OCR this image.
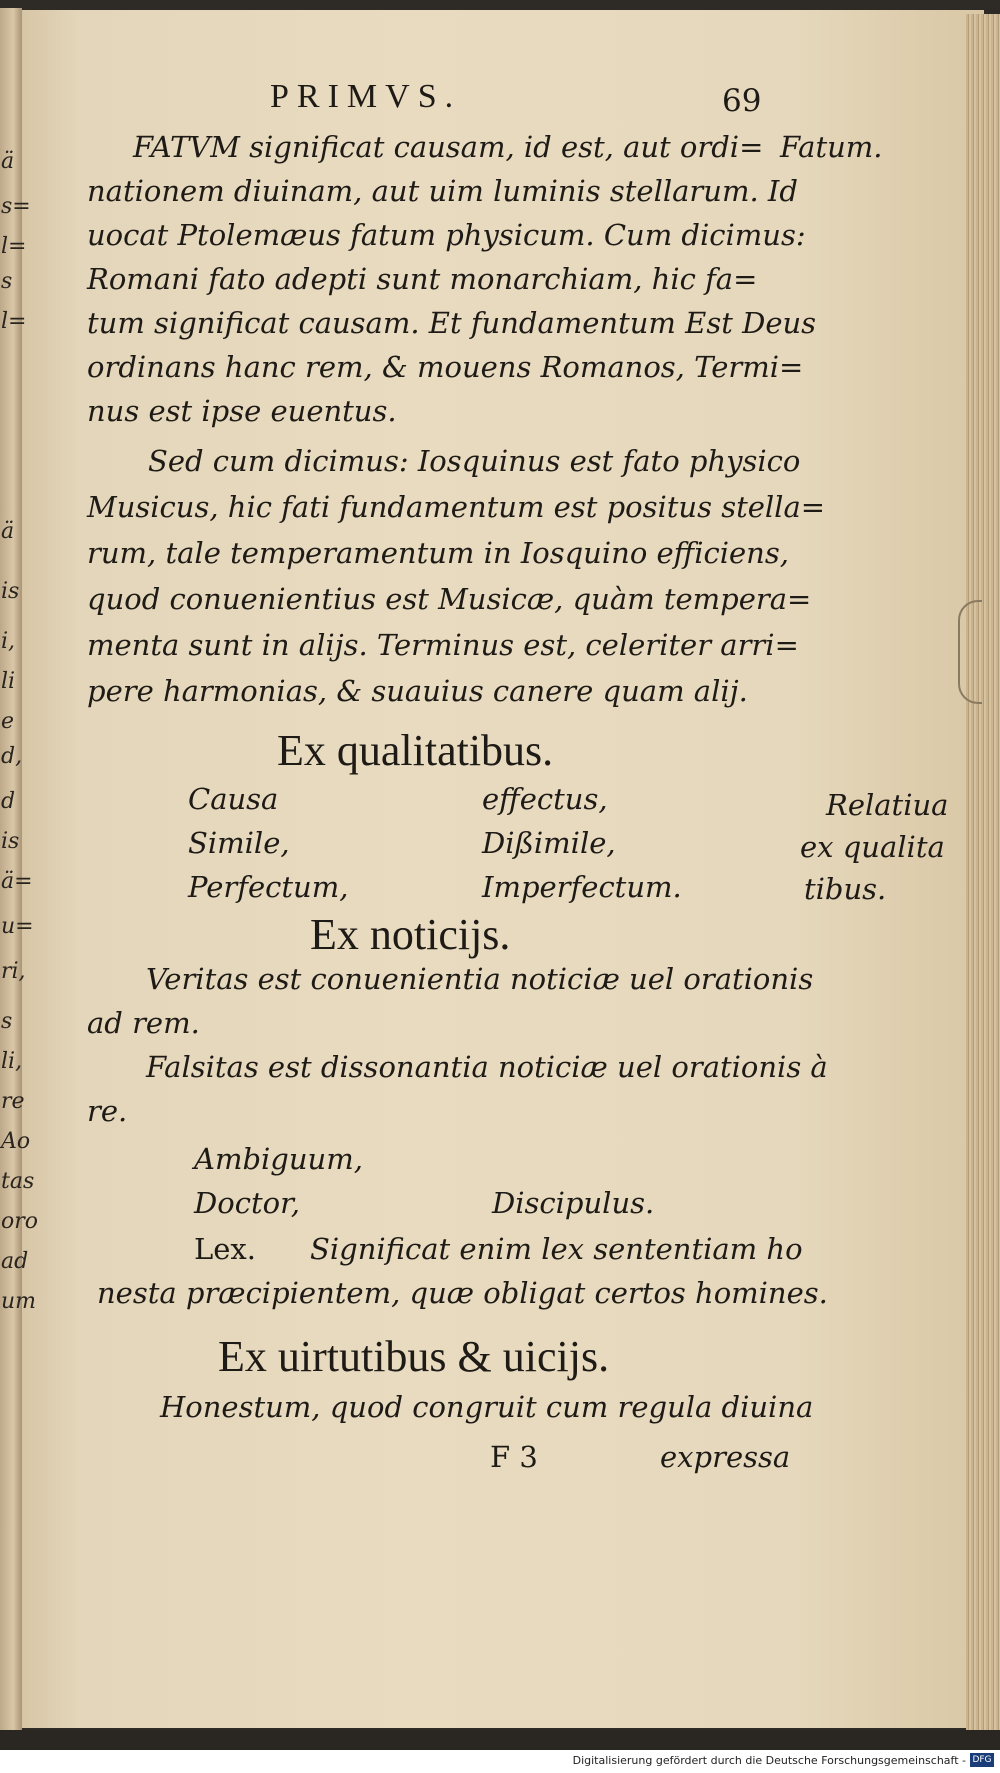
ä
s=
l=
s
l=
ä
is
i,
li
e
d,
d
is
ä=
u=
ri,
s
li,
re
Ao
tas
oro
ad
um
PRIMVS.	69
Fatum.
Relatiua
ex qualita
tibus.
FATVM significat causam, id est, aut ordi=
nationem diuinam, aut uim luminis stellarum. Id
uocat Ptolemæus fatum physicum. Cum dicimus:
Romani fato adepti sunt monarchiam, hic fa=
tum significat causam. Et fundamentum Est Deus
ordinans hanc rem, & mouens Romanos, Termi=
nus est ipse euentus.
Sed cum dicimus: Iosquinus est fato physico
Musicus, hic fati fundamentum est positus stella=
rum, tale temperamentum in Iosquino efficiens,
quod conuenientius est Musicæ, quàm tempera=
menta sunt in alijs. Terminus est, celeriter arri=
pere harmonias, & suauius canere quam alij.
Ex qualitatibus.
Causa	effectus,
Simile,	Dißimile,
Perfectum,	Imperfectum.
Ex noticijs.
Veritas est conuenientia noticiæ uel orationis
ad rem.
Falsitas est dissonantia noticiæ uel orationis à
re.
Ambiguum,
Doctor,	Discipulus.
Lex. Significat enim lex sententiam ho
nesta præcipientem, quæ obligat certos homines.
Ex uirtutibus & uicijs.
Honestum, quod congruit cum regula diuina
F 3	expressa
Digitalisierung gefördert durch die Deutsche Forschungsgemeinschaft - DFG
